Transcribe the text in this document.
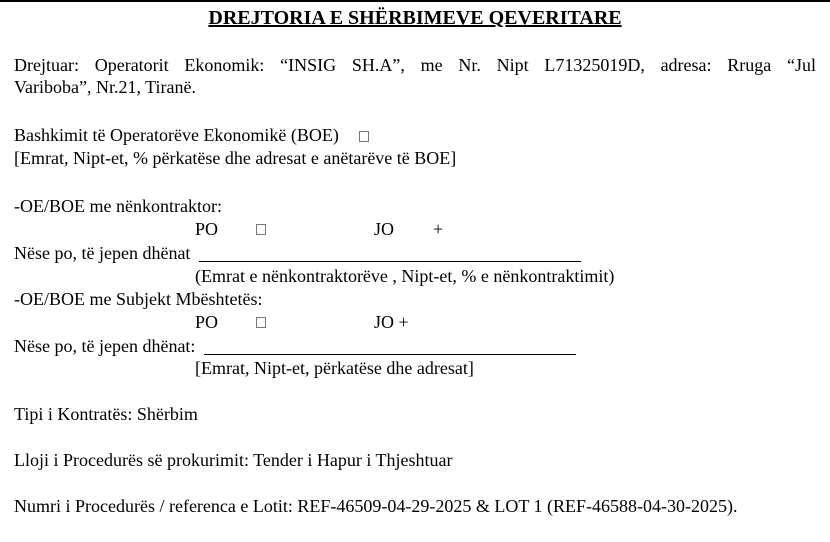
DREJTORIA E SHËRBIMEVE QEVERITARE
Drejtuar: Operatorit Ekonomik: “INSIG SH.A”, me Nr. Nipt L71325019D, adresa: Rruga “Jul
Variboba”, Nr.21, Tiranë.
Bashkimit të Operatorëve Ekonomikë (BOE)
[Emrat, Nipt-et, % përkatëse dhe adresat e anëtarëve të BOE]
-OE/BOE me nënkontraktor:
PO	JO +
Nëse po, të jepen dhënat
(Emrat e nënkontraktorëve , Nipt-et, % e nënkontraktimit)
-OE/BOE me Subjekt Mbështetës:
PO	JO +
Nëse po, të jepen dhënat:
[Emrat, Nipt-et, përkatëse dhe adresat]
Tipi i Kontratës: Shërbim
Lloji i Procedurës së prokurimit: Tender i Hapur i Thjeshtuar
Numri i Procedurës / referenca e Lotit: REF-46509-04-29-2025 & LOT 1 (REF-46588-04-30-2025).
